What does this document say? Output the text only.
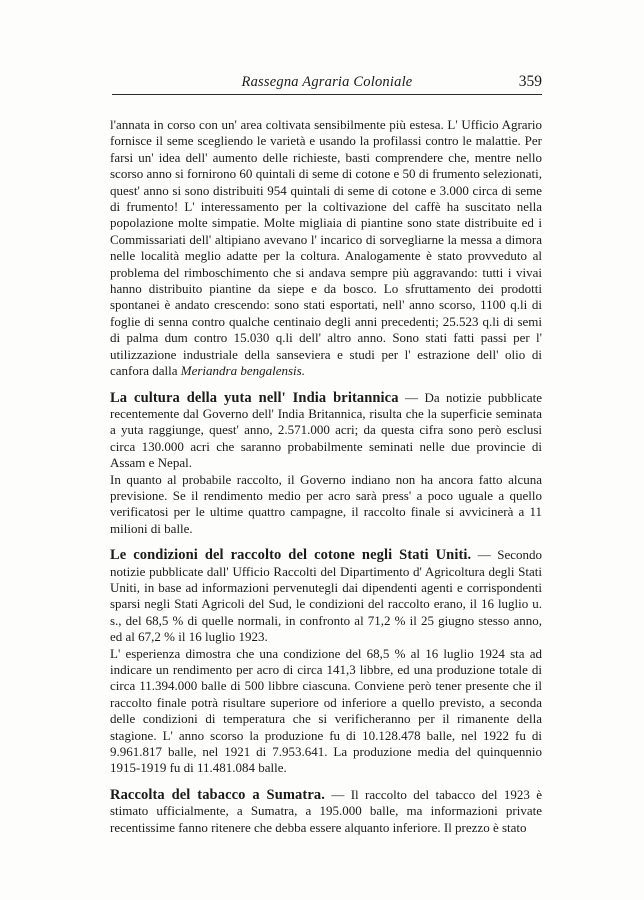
Rassegna Agraria Coloniale	359

l'annata in corso con un' area coltivata sensibilmente più estesa. L' Ufficio Agrario fornisce il seme scegliendo le varietà e usando la profilassi contro le malattie. Per farsi un' idea dell' aumento delle richieste, basti comprendere che, mentre nello scorso anno si fornirono 60 quintali di seme di cotone e 50 di frumento selezionati, quest' anno si sono distribuiti 954 quintali di seme di cotone e 3.000 circa di seme di frumento! L' interessamento per la coltivazione del caffè ha suscitato nella popolazione molte simpatie. Molte migliaia di piantine sono state distribuite ed i Commissariati dell' altipiano avevano l' incarico di sorvegliarne la messa a dimora nelle località meglio adatte per la coltura. Analogamente è stato provveduto al problema del rimboschimento che si andava sempre più aggravando: tutti i vivai hanno distribuito piantine da siepe e da bosco. Lo sfruttamento dei prodotti spontanei è andato crescendo: sono stati esportati, nell' anno scorso, 1100 q.li di foglie di senna contro qualche centinaio degli anni precedenti; 25.523 q.li di semi di palma dum contro 15.030 q.li dell' altro anno. Sono stati fatti passi per l' utilizzazione industriale della sanseviera e studi per l' estrazione dell' olio di canfora dalla Meriandra bengalensis.

La cultura della yuta nell' India britannica — Da notizie pubblicate recentemente dal Governo dell' India Britannica, risulta che la superficie seminata a yuta raggiunge, quest' anno, 2.571.000 acri; da questa cifra sono però esclusi circa 130.000 acri che saranno probabilmente seminati nelle due provincie di Assam e Nepal.

In quanto al probabile raccolto, il Governo indiano non ha ancora fatto alcuna previsione. Se il rendimento medio per acro sarà press' a poco uguale a quello verificatosi per le ultime quattro campagne, il raccolto finale si avvicinerà a 11 milioni di balle.

Le condizioni del raccolto del cotone negli Stati Uniti. — Secondo notizie pubblicate dall' Ufficio Raccolti del Dipartimento d' Agricoltura degli Stati Uniti, in base ad informazioni pervenutegli dai dipendenti agenti e corrispondenti sparsi negli Stati Agricoli del Sud, le condizioni del raccolto erano, il 16 luglio u. s., del 68,5 % di quelle normali, in confronto al 71,2 % il 25 giugno stesso anno, ed al 67,2 % il 16 luglio 1923.

L' esperienza dimostra che una condizione del 68,5 % al 16 luglio 1924 sta ad indicare un rendimento per acro di circa 141,3 libbre, ed una produzione totale di circa 11.394.000 balle di 500 libbre ciascuna. Conviene però tener presente che il raccolto finale potrà risultare superiore od inferiore a quello previsto, a seconda delle condizioni di temperatura che si verificheranno per il rimanente della stagione. L' anno scorso la produzione fu di 10.128.478 balle, nel 1922 fu di 9.961.817 balle, nel 1921 di 7.953.641. La produzione media del quinquennio 1915-1919 fu di 11.481.084 balle.

Raccolta del tabacco a Sumatra. — Il raccolto del tabacco del 1923 è stimato ufficialmente, a Sumatra, a 195.000 balle, ma informazioni private recentissime fanno ritenere che debba essere alquanto inferiore. Il prezzo è stato
